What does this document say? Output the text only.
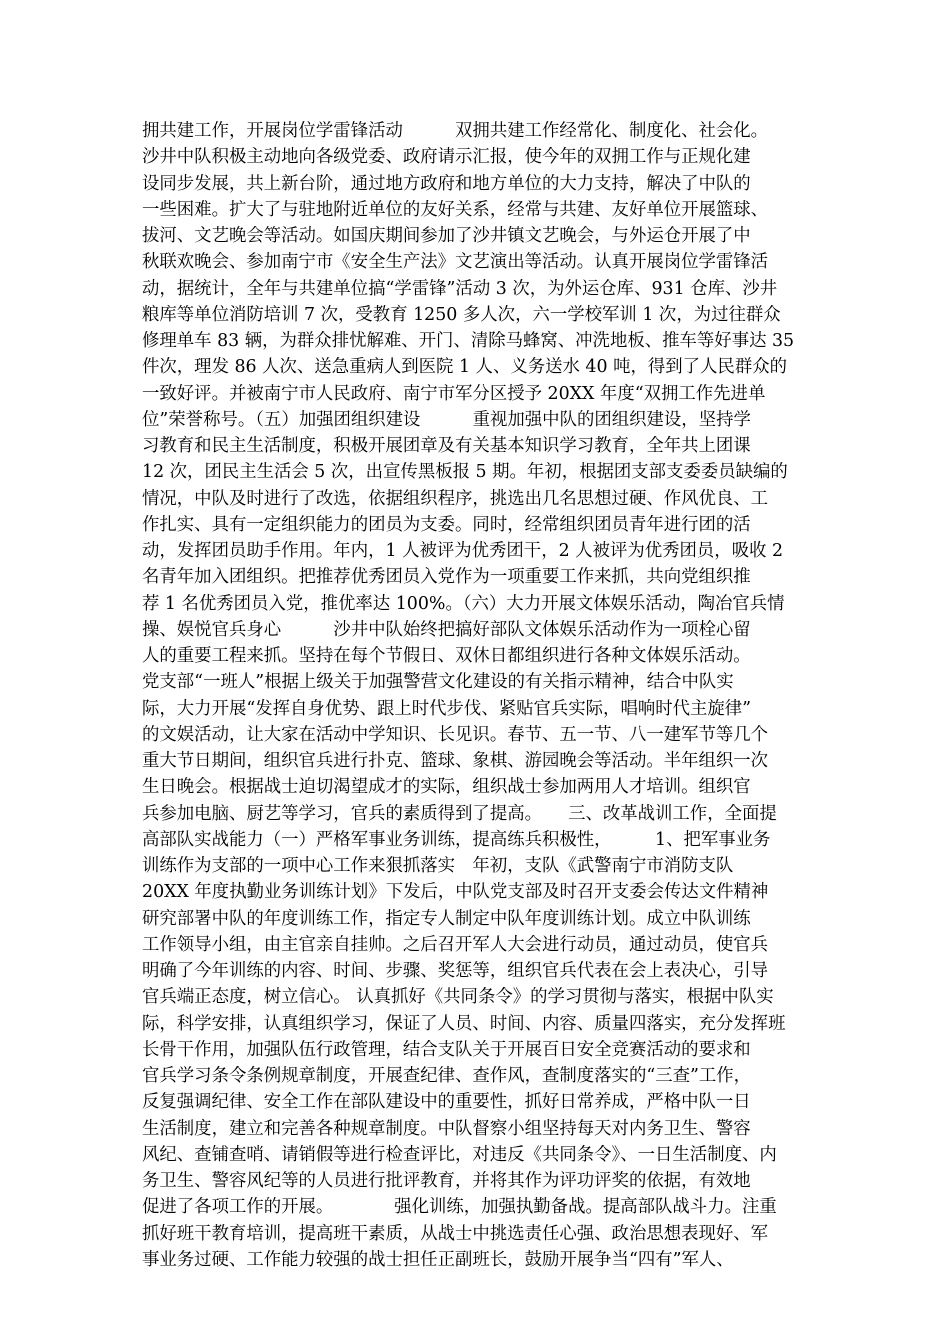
拥共建工作，开展岗位学雷锋活动　　　双拥共建工作经常化、制度化、社会化。
沙井中队积极主动地向各级党委、政府请示汇报，使今年的双拥工作与正规化建
设同步发展，共上新台阶，通过地方政府和地方单位的大力支持，解决了中队的
一些困难。扩大了与驻地附近单位的友好关系，经常与共建、友好单位开展篮球、
拔河、文艺晚会等活动。如国庆期间参加了沙井镇文艺晚会，与外运仓开展了中
秋联欢晚会、参加南宁市《安全生产法》文艺演出等活动。认真开展岗位学雷锋活
动，据统计，全年与共建单位搞“学雷锋”活动 3 次，为外运仓库、931 仓库、沙井
粮库等单位消防培训 7 次，受教育 1250 多人次，六一学校军训 1 次，为过往群众
修理单车 83 辆，为群众排忧解难、开门、清除马蜂窝、冲洗地板、推车等好事达 35
件次，理发 86 人次、送急重病人到医院 1 人、义务送水 40 吨，得到了人民群众的
一致好评。并被南宁市人民政府、南宁市军分区授予 20XX 年度“双拥工作先进单
位”荣誉称号。（五）加强团组织建设　　　重视加强中队的团组织建设，坚持学
习教育和民主生活制度，积极开展团章及有关基本知识学习教育，全年共上团课
12 次，团民主生活会 5 次，出宣传黑板报 5 期。年初，根据团支部支委委员缺编的
情况，中队及时进行了改选，依据组织程序，挑选出几名思想过硬、作风优良、工
作扎实、具有一定组织能力的团员为支委。同时，经常组织团员青年进行团的活
动，发挥团员助手作用。年内，1 人被评为优秀团干，2 人被评为优秀团员，吸收 2
名青年加入团组织。把推荐优秀团员入党作为一项重要工作来抓，共向党组织推
荐 1 名优秀团员入党，推优率达 100%。（六）大力开展文体娱乐活动，陶冶官兵情
操、娱悦官兵身心　　　沙井中队始终把搞好部队文体娱乐活动作为一项栓心留
人的重要工程来抓。坚持在每个节假日、双休日都组织进行各种文体娱乐活动。
党支部“一班人”根据上级关于加强警营文化建设的有关指示精神，结合中队实
际，大力开展“发挥自身优势、跟上时代步伐、紧贴官兵实际，唱响时代主旋律”
的文娱活动，让大家在活动中学知识、长见识。春节、五一节、八一建军节等几个
重大节日期间，组织官兵进行扑克、篮球、象棋、游园晚会等活动。半年组织一次
生日晚会。根据战士迫切渴望成才的实际，组织战士参加两用人才培训。组织官
兵参加电脑、厨艺等学习，官兵的素质得到了提高。　　三、改革战训工作，全面提
高部队实战能力（一）严格军事业务训练，提高练兵积极性，　　　1、把军事业务
训练作为支部的一项中心工作来狠抓落实　年初，支队《武警南宁市消防支队
20XX 年度执勤业务训练计划》下发后，中队党支部及时召开支委会传达文件精神
研究部署中队的年度训练工作，指定专人制定中队年度训练计划。成立中队训练
工作领导小组，由主官亲自挂帅。之后召开军人大会进行动员，通过动员，使官兵
明确了今年训练的内容、时间、步骤、奖惩等，组织官兵代表在会上表决心，引导
官兵端正态度，树立信心。 认真抓好《共同条令》的学习贯彻与落实，根据中队实
际，科学安排，认真组织学习，保证了人员、时间、内容、质量四落实，充分发挥班
长骨干作用，加强队伍行政管理，结合支队关于开展百日安全竞赛活动的要求和
官兵学习条令条例规章制度，开展查纪律、查作风，查制度落实的“三查”工作，
反复强调纪律、安全工作在部队建设中的重要性，抓好日常养成，严格中队一日
生活制度，建立和完善各种规章制度。中队督察小组坚持每天对内务卫生、警容
风纪、查铺查哨、请销假等进行检查评比，对违反《共同条令》、一日生活制度、内
务卫生、警容风纪等的人员进行批评教育，并将其作为评功评奖的依据，有效地
促进了各项工作的开展。　　　　强化训练，加强执勤备战。提高部队战斗力。注重
抓好班干教育培训，提高班干素质，从战士中挑选责任心强、政治思想表现好、军
事业务过硬、工作能力较强的战士担任正副班长，鼓励开展争当“四有”军人、
